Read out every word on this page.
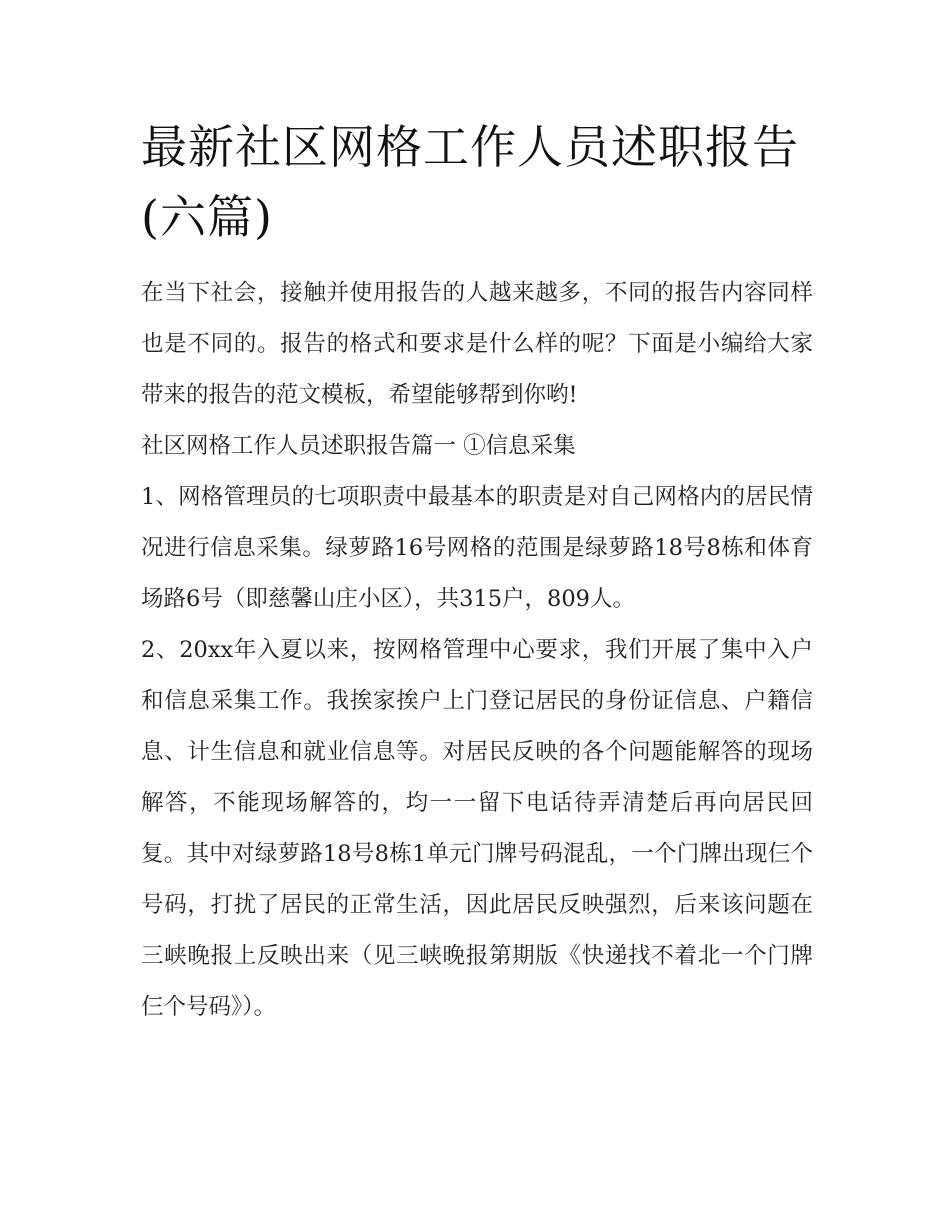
最新社区网格工作人员述职报告(六篇)

在当下社会，接触并使用报告的人越来越多，不同的报告内容同样也是不同的。报告的格式和要求是什么样的呢？下面是小编给大家带来的报告的范文模板，希望能够帮到你哟!

社区网格工作人员述职报告篇一 ①信息采集

1、网格管理员的七项职责中最基本的职责是对自己网格内的居民情况进行信息采集。绿萝路16号网格的范围是绿萝路18号8栋和体育场路6号（即慈馨山庄小区），共315户，809人。

2、20xx年入夏以来，按网格管理中心要求，我们开展了集中入户和信息采集工作。我挨家挨户上门登记居民的身份证信息、户籍信息、计生信息和就业信息等。对居民反映的各个问题能解答的现场解答，不能现场解答的，均一一留下电话待弄清楚后再向居民回复。其中对绿萝路18号8栋1单元门牌号码混乱，一个门牌出现仨个号码，打扰了居民的正常生活，因此居民反映强烈，后来该问题在三峡晚报上反映出来（见三峡晚报第期版《快递找不着北一个门牌仨个号码》）。
